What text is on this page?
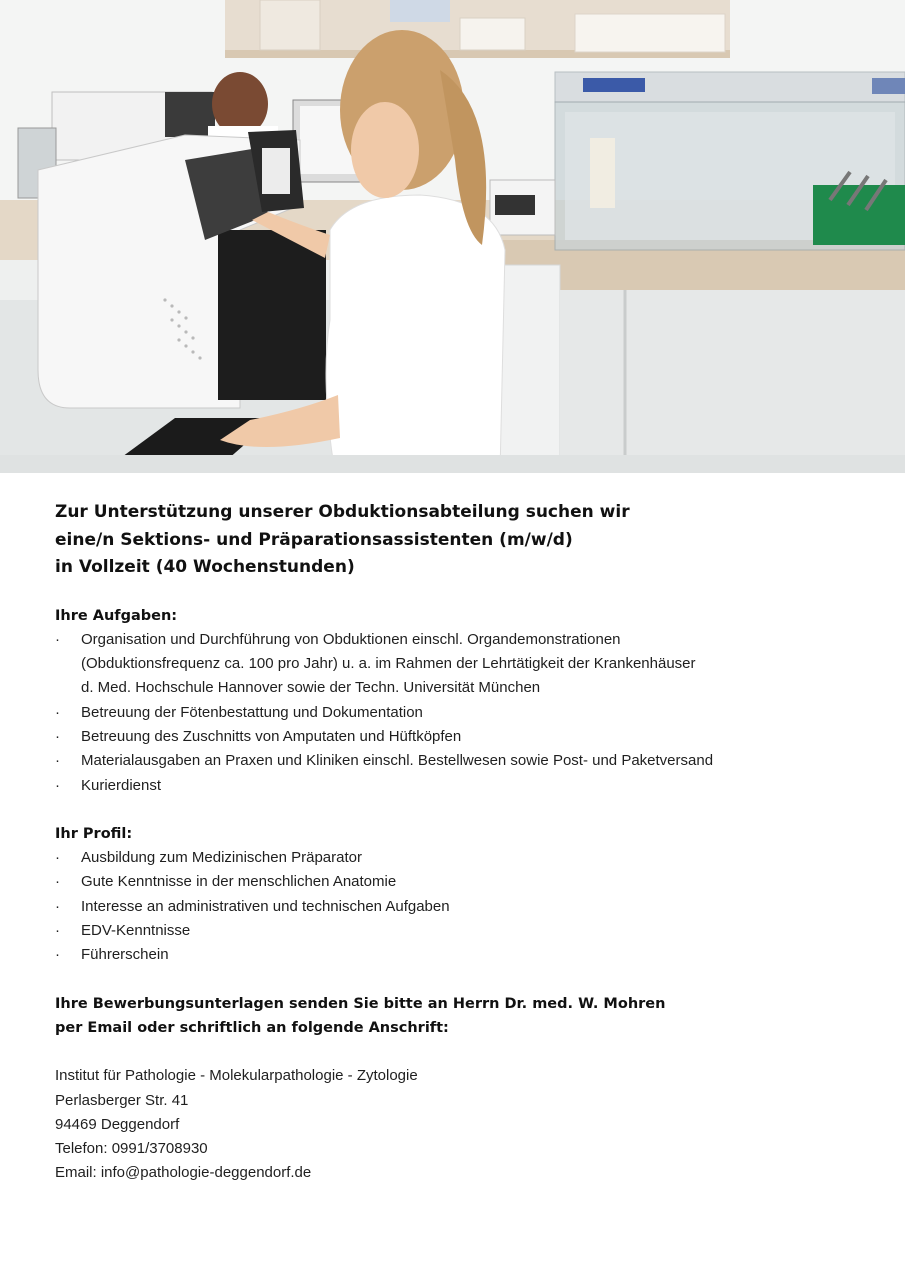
Zur Unterstützung unserer Obduktionsabteilung suchen wir
eine/n Sektions- und Präparationsassistenten (m/w/d)
in Vollzeit (40 Wochenstunden)
Ihre Aufgaben:
·	Organisation und Durchführung von Obduktionen einschl. Organdemonstrationen
(Obduktionsfrequenz ca. 100 pro Jahr) u. a. im Rahmen der Lehrtätigkeit der Krankenhäuser
d. Med. Hochschule Hannover sowie der Techn. Universität München
·	Betreuung der Fötenbestattung und Dokumentation
·	Betreuung des Zuschnitts von Amputaten und Hüftköpfen
·	Materialausgaben an Praxen und Kliniken einschl. Bestellwesen sowie Post- und Paketversand
·	Kurierdienst
Ihr Profil:
·	Ausbildung zum Medizinischen Präparator
·	Gute Kenntnisse in der menschlichen Anatomie
·	Interesse an administrativen und technischen Aufgaben
·	EDV-Kenntnisse
·	Führerschein
Ihre Bewerbungsunterlagen senden Sie bitte an Herrn Dr. med. W. Mohren
per Email oder schriftlich an folgende Anschrift:
Institut für Pathologie - Molekularpathologie - Zytologie
Perlasberger Str. 41
94469 Deggendorf
Telefon: 0991/3708930
Email: info@pathologie-deggendorf.de
